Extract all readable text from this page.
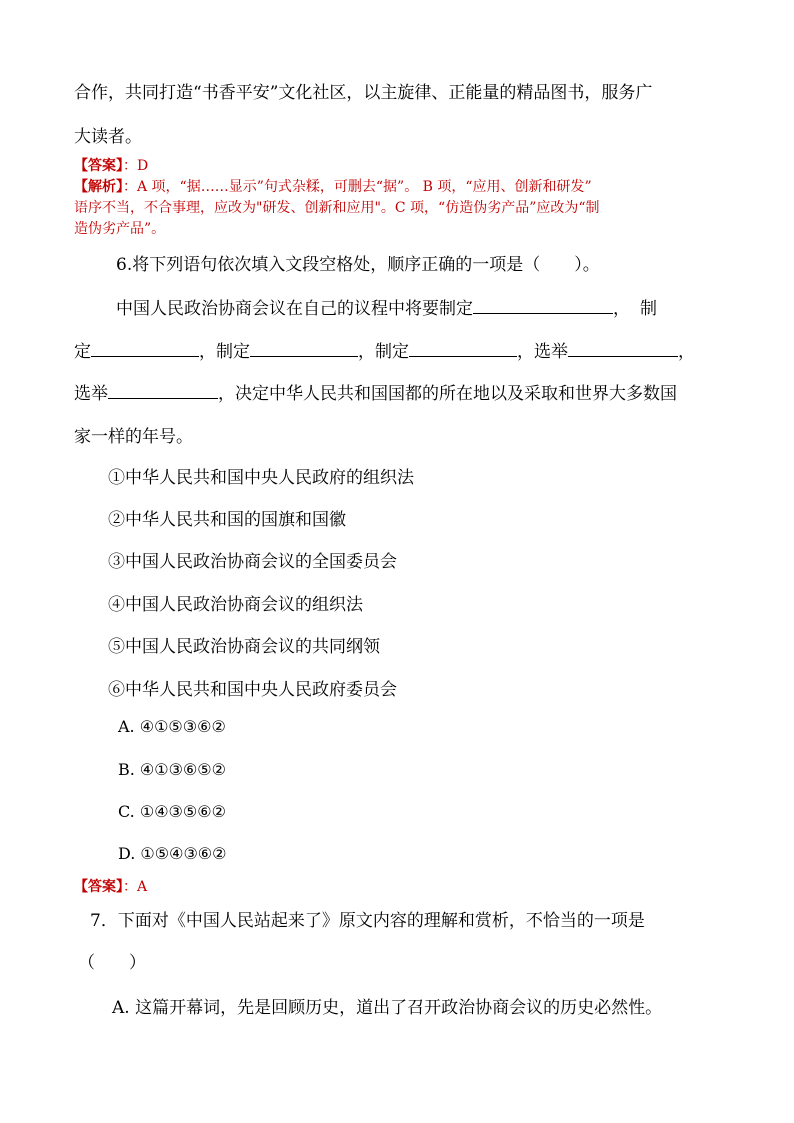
合作，共同打造“书香平安”文化社区，以主旋律、正能量的精品图书，服务广
大读者。
【答案】：D
【解析】：A 项，“据……显示”句式杂糅，可删去“据”。 B 项，“应用、创新和研发”
语序不当，不合事理，应改为"研发、创新和应用"。C 项，“仿造伪劣产品”应改为“制
造伪劣产品”。
6.将下列语句依次填入文段空格处，顺序正确的一项是（　　）。
中国人民政治协商会议在自己的议程中将要制定	，制
定	，制定	，制定	，选举	，
选举	，决定中华人民共和国国都的所在地以及采取和世界大多数国
家一样的年号。
①中华人民共和国中央人民政府的组织法
②中华人民共和国的国旗和国徽
③中国人民政治协商会议的全国委员会
④中国人民政治协商会议的组织法
⑤中国人民政治协商会议的共同纲领
⑥中华人民共和国中央人民政府委员会
A. ④①⑤③⑥②
B. ④①③⑥⑤②
C. ①④③⑤⑥②
D. ①⑤④③⑥②
【答案】：A
7．下面对《中国人民站起来了》原文内容的理解和赏析，不恰当的一项是
（　　）
A. 这篇开幕词，先是回顾历史，道出了召开政治协商会议的历史必然性。
